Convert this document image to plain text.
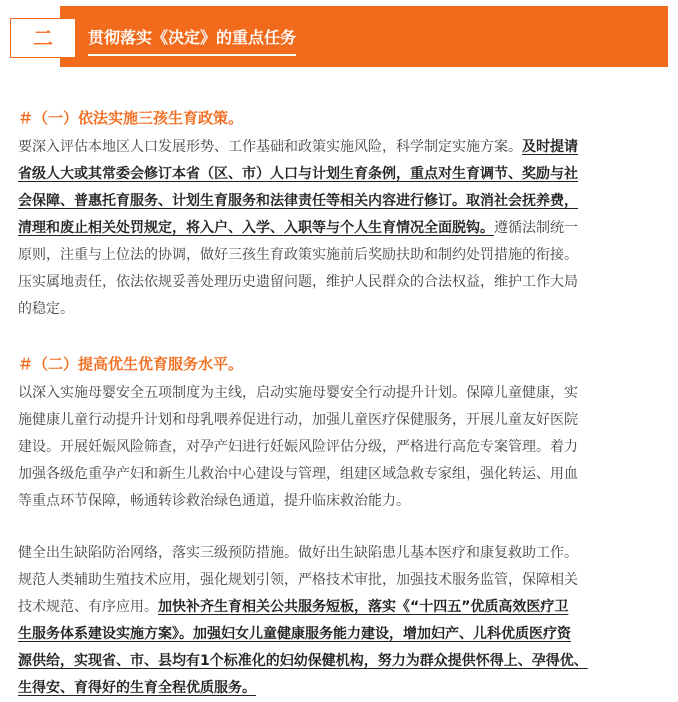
二	贯彻落实《决定》的重点任务
＃（一）依法实施三孩生育政策。
要深入评估本地区人口发展形势、工作基础和政策实施风险，科学制定实施方案。及时提请
省级人大或其常委会修订本省（区、市）人口与计划生育条例，重点对生育调节、奖励与社
会保障、普惠托育服务、计划生育服务和法律责任等相关内容进行修订。取消社会抚养费，
清理和废止相关处罚规定，将入户、入学、入职等与个人生育情况全面脱钩。遵循法制统一
原则，注重与上位法的协调，做好三孩生育政策实施前后奖励扶助和制约处罚措施的衔接。
压实属地责任，依法依规妥善处理历史遗留问题，维护人民群众的合法权益，维护工作大局
的稳定。
＃（二）提高优生优育服务水平。
以深入实施母婴安全五项制度为主线，启动实施母婴安全行动提升计划。保障儿童健康，实
施健康儿童行动提升计划和母乳喂养促进行动，加强儿童医疗保健服务，开展儿童友好医院
建设。开展妊娠风险筛查，对孕产妇进行妊娠风险评估分级，严格进行高危专案管理。着力
加强各级危重孕产妇和新生儿救治中心建设与管理，组建区域急救专家组，强化转运、用血
等重点环节保障，畅通转诊救治绿色通道，提升临床救治能力。
健全出生缺陷防治网络，落实三级预防措施。做好出生缺陷患儿基本医疗和康复救助工作。
规范人类辅助生殖技术应用，强化规划引领，严格技术审批，加强技术服务监管，保障相关
技术规范、有序应用。加快补齐生育相关公共服务短板，落实《“十四五”优质高效医疗卫
生服务体系建设实施方案》。加强妇女儿童健康服务能力建设，增加妇产、儿科优质医疗资
源供给，实现省、市、县均有1个标准化的妇幼保健机构，努力为群众提供怀得上、孕得优、
生得安、育得好的生育全程优质服务。
